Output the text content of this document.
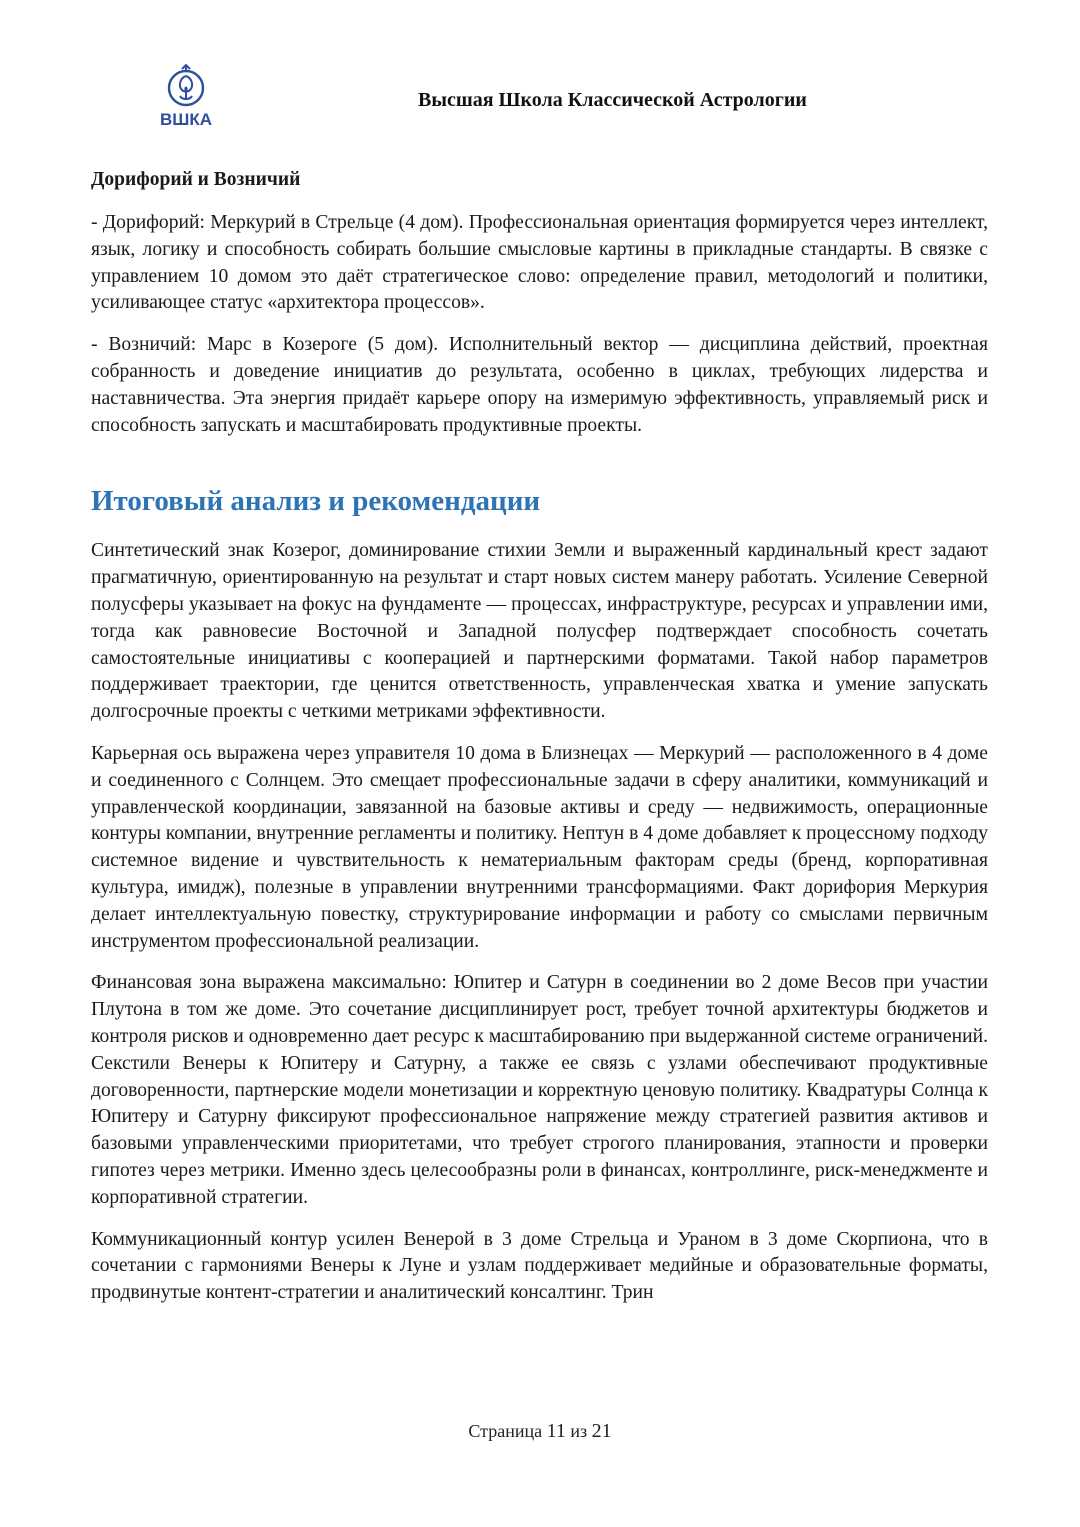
ВШКА
Высшая Школа Классической Астрологии
Дорифорий и Возничий

- Дорифорий: Меркурий в Стрельце (4 дом). Профессиональная ориентация формируется через интеллект, язык, логику и способность собирать большие смысловые картины в прикладные стандарты. В связке с управлением 10 домом это даёт стратегическое слово: определение правил, методологий и политики, усиливающее статус «архитектора процессов».

- Возничий: Марс в Козероге (5 дом). Исполнительный вектор — дисциплина действий, проектная собранность и доведение инициатив до результата, особенно в циклах, требующих лидерства и наставничества. Эта энергия придаёт карьере опору на измеримую эффективность, управляемый риск и способность запускать и масштабировать продуктивные проекты.

Итоговый анализ и рекомендации

Синтетический знак Козерог, доминирование стихии Земли и выраженный кардинальный крест задают прагматичную, ориентированную на результат и старт новых систем манеру работать. Усиление Северной полусферы указывает на фокус на фундаменте — процессах, инфраструктуре, ресурсах и управлении ими, тогда как равновесие Восточной и Западной полусфер подтверждает способность сочетать самостоятельные инициативы с кооперацией и партнерскими форматами. Такой набор параметров поддерживает траектории, где ценится ответственность, управленческая хватка и умение запускать долгосрочные проекты с четкими метриками эффективности.

Карьерная ось выражена через управителя 10 дома в Близнецах — Меркурий — расположенного в 4 доме и соединенного с Солнцем. Это смещает профессиональные задачи в сферу аналитики, коммуникаций и управленческой координации, завязанной на базовые активы и среду — недвижимость, операционные контуры компании, внутренние регламенты и политику. Нептун в 4 доме добавляет к процессному подходу системное видение и чувствительность к нематериальным факторам среды (бренд, корпоративная культура, имидж), полезные в управлении внутренними трансформациями. Факт дорифория Меркурия делает интеллектуальную повестку, структурирование информации и работу со смыслами первичным инструментом профессиональной реализации.

Финансовая зона выражена максимально: Юпитер и Сатурн в соединении во 2 доме Весов при участии Плутона в том же доме. Это сочетание дисциплинирует рост, требует точной архитектуры бюджетов и контроля рисков и одновременно дает ресурс к масштабированию при выдержанной системе ограничений. Секстили Венеры к Юпитеру и Сатурну, а также ее связь с узлами обеспечивают продуктивные договоренности, партнерские модели монетизации и корректную ценовую политику. Квадратуры Солнца к Юпитеру и Сатурну фиксируют профессиональное напряжение между стратегией развития активов и базовыми управленческими приоритетами, что требует строгого планирования, этапности и проверки гипотез через метрики. Именно здесь целесообразны роли в финансах, контроллинге, риск-менеджменте и корпоративной стратегии.

Коммуникационный контур усилен Венерой в 3 доме Стрельца и Ураном в 3 доме Скорпиона, что в сочетании с гармониями Венеры к Луне и узлам поддерживает медийные и образовательные форматы, продвинутые контент-стратегии и аналитический консалтинг. Трин

Страница 11 из 21
